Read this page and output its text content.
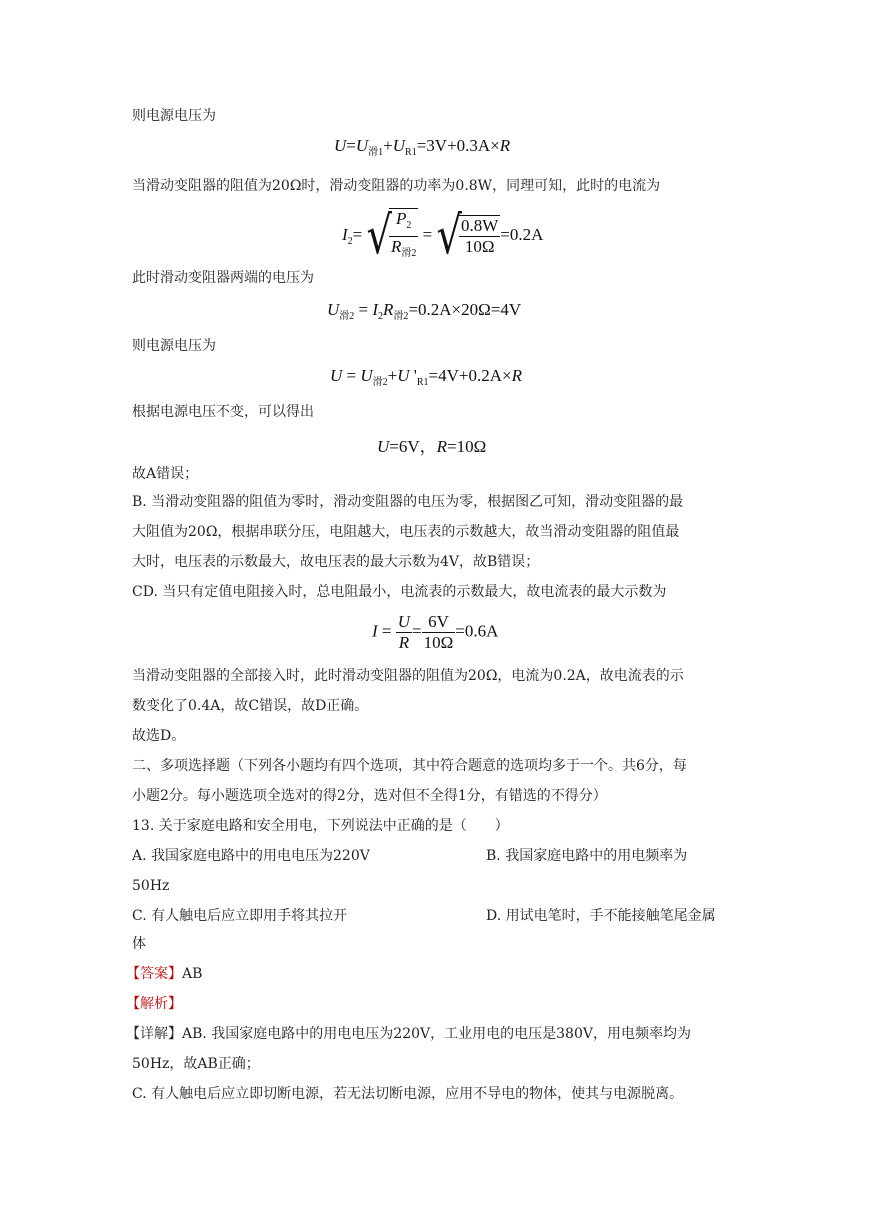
则电源电压为
$U=U_{滑1}+U_{R1}=3V+0.3A\times R$
当滑动变阻器的阻值为20Ω时，滑动变阻器的功率为0.8W，同理可知，此时的电流为
$I_2=$ √
$\frac{P_2}{R_{滑2}}$ = √
$\frac{0.8W}{10\Omega} =0.2A$
此时滑动变阻器两端的电压为
$U_{滑2} = I_2R_{滑2}=0.2A\times 20\Omega=4V$
则电源电压为
$U = U_{滑2}+U$ '$_{R1}=4V+0.2A\times R$
根据电源电压不变，可以得出
U=6V，R=10Ω
故A错误；
B. 当滑动变阻器的阻值为零时，滑动变阻器的电压为零，根据图乙可知，滑动变阻器的最
大阻值为20Ω，根据串联分压，电阻越大，电压表的示数越大，故当滑动变阻器的阻值最
大时，电压表的示数最大，故电压表的最大示数为4V，故B错误；
CD. 当只有定值电阻接入时，总电阻最小，电流表的示数最大，故电流表的最大示数为
$I = \frac{U}{R} = \frac{6V}{10\Omega} =0.6A$
当滑动变阻器的全部接入时，此时滑动变阻器的阻值为20Ω，电流为0.2A，故电流表的示
数变化了0.4A，故C错误，故D正确。
故选D。
二、多项选择题（下列各小题均有四个选项，其中符合题意的选项均多于一个。共6分，每
小题2分。每小题选项全选对的得2分，选对但不全得1分，有错选的不得分）
13. 关于家庭电路和安全用电，下列说法中正确的是（　　）
A. 我国家庭电路中的用电电压为220V	B. 我国家庭电路中的用电频率为
50Hz
C. 有人触电后应立即用手将其拉开	D. 用试电笔时，手不能接触笔尾金属
体
【答案】AB
【解析】
【详解】AB. 我国家庭电路中的用电电压为220V，工业用电的电压是380V，用电频率均为
50Hz，故AB正确；
C. 有人触电后应立即切断电源，若无法切断电源，应用不导电的物体，使其与电源脱离。
